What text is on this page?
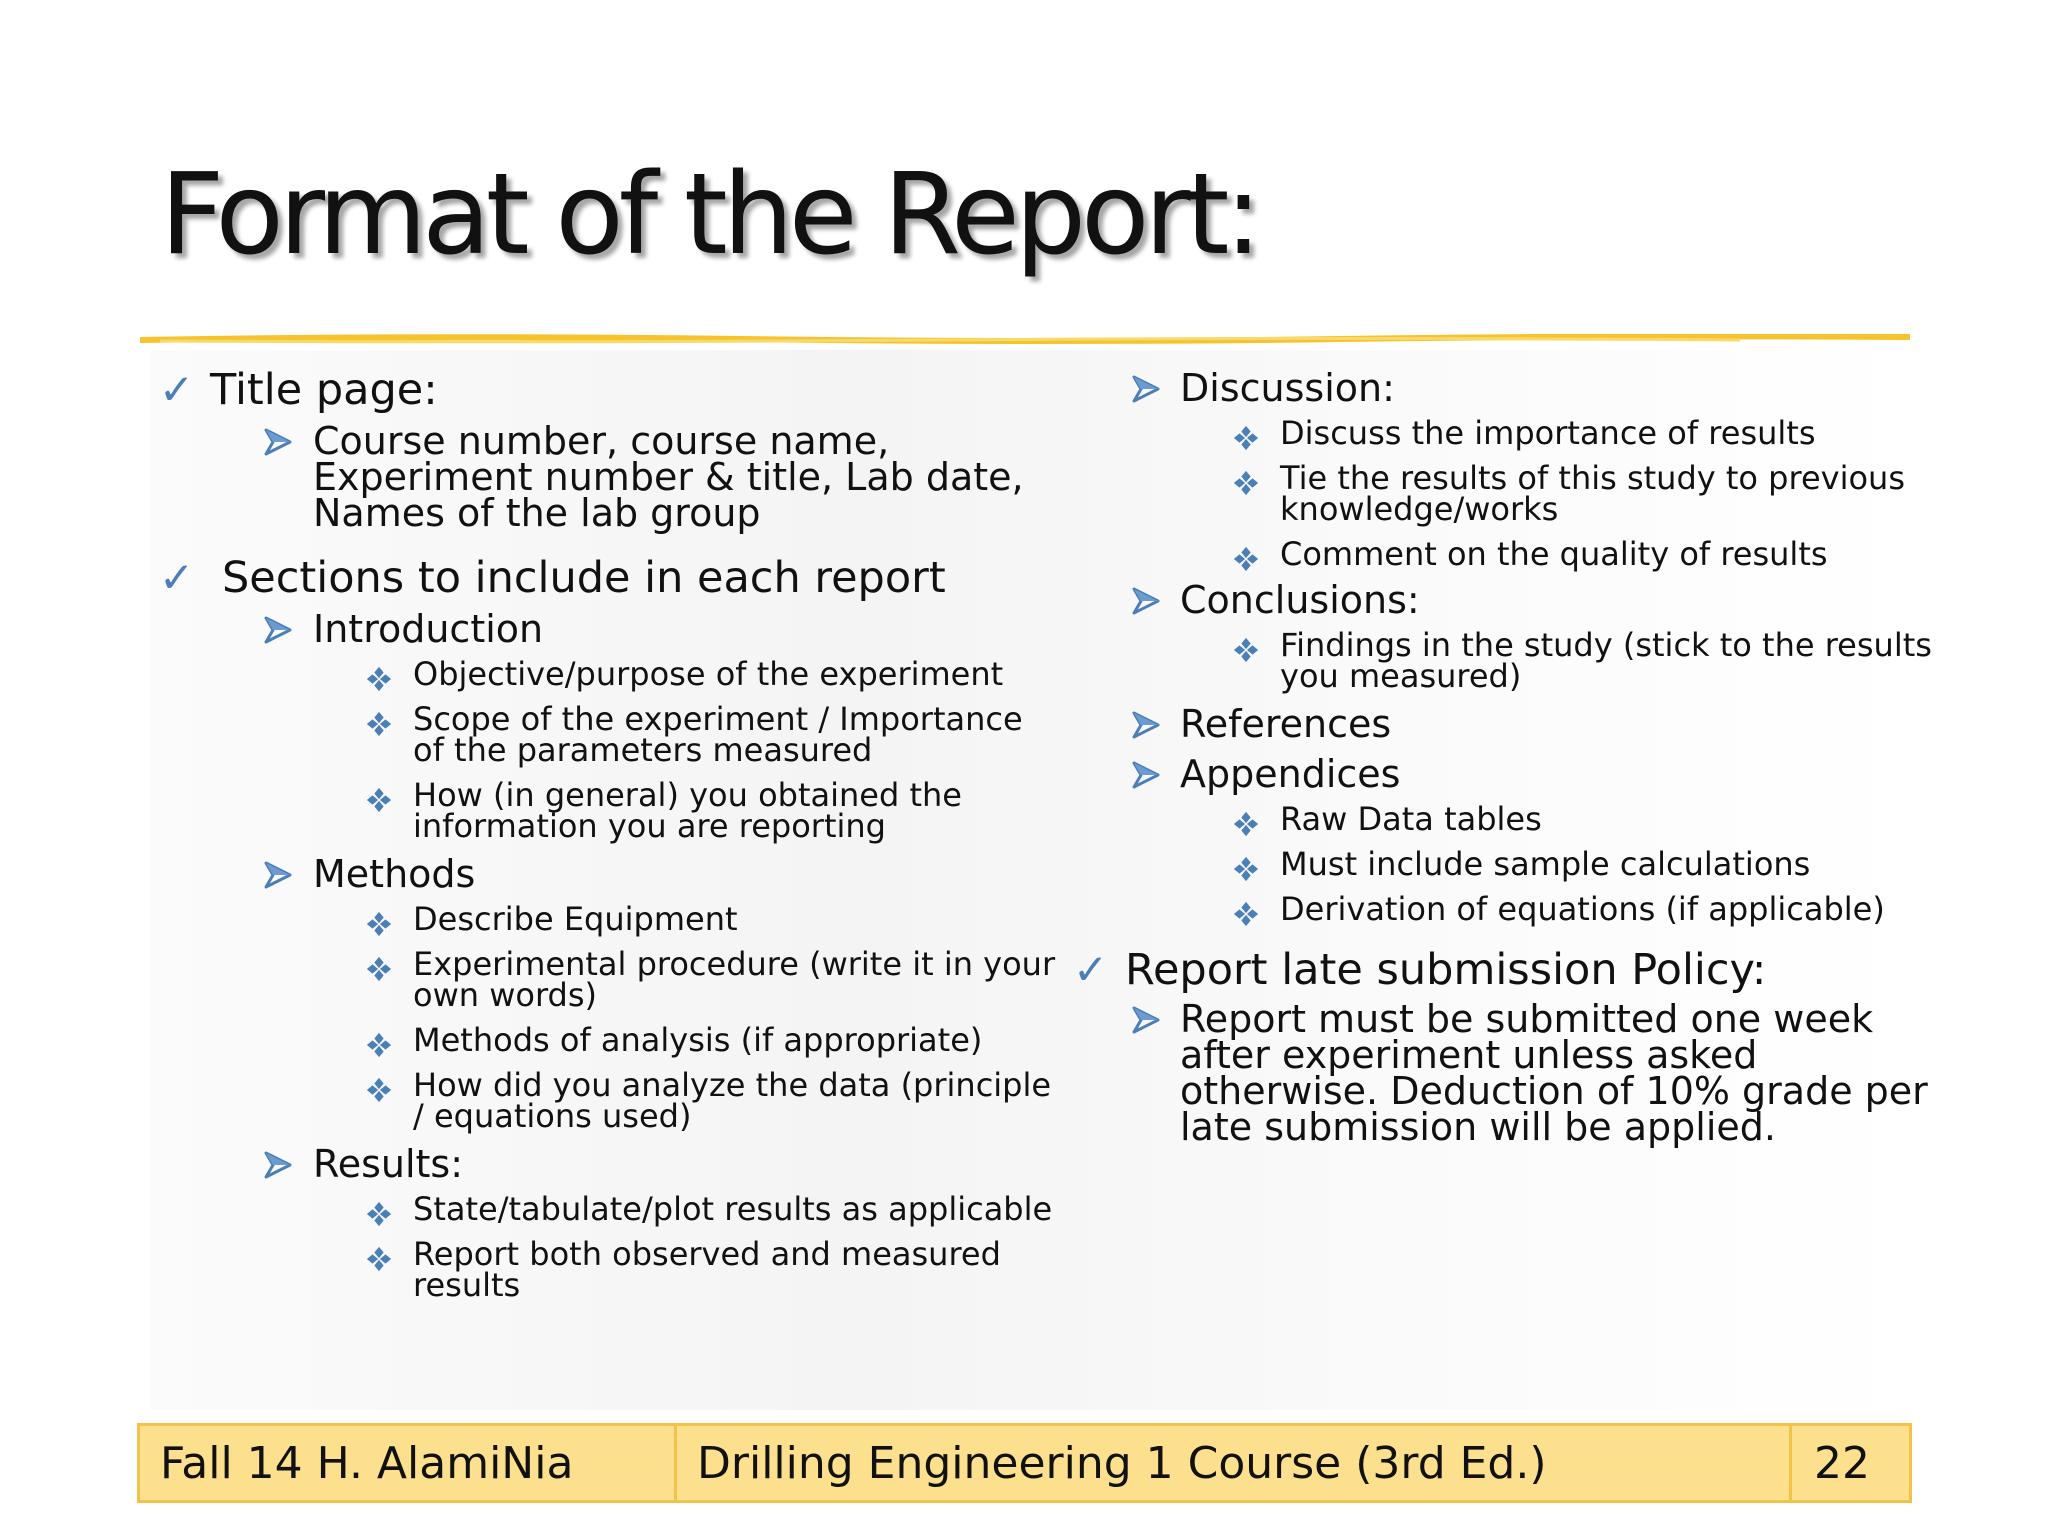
Format of the Report:
✓ Title page:
Course number, course name,
Experiment number & title, Lab date,
Names of the lab group
✓ Sections to include in each report
Introduction
Objective/purpose of the experiment
Scope of the experiment / Importance
of the parameters measured
How (in general) you obtained the
information you are reporting
Methods
Describe Equipment
Experimental procedure (write it in your
own words)
Methods of analysis (if appropriate)
How did you analyze the data (principle
/ equations used)
Results:
State/tabulate/plot results as applicable
Report both observed and measured
results
Discussion:
Discuss the importance of results
Tie the results of this study to previous
knowledge/works
Comment on the quality of results
Conclusions:
Findings in the study (stick to the results
you measured)
References
Appendices
Raw Data tables
Must include sample calculations
Derivation of equations (if applicable)
✓ Report late submission Policy:
Report must be submitted one week
after experiment unless asked
otherwise. Deduction of 10% grade per
late submission will be applied.
Fall 14 H. AlamiNia	Drilling Engineering 1 Course (3rd Ed.)	22
